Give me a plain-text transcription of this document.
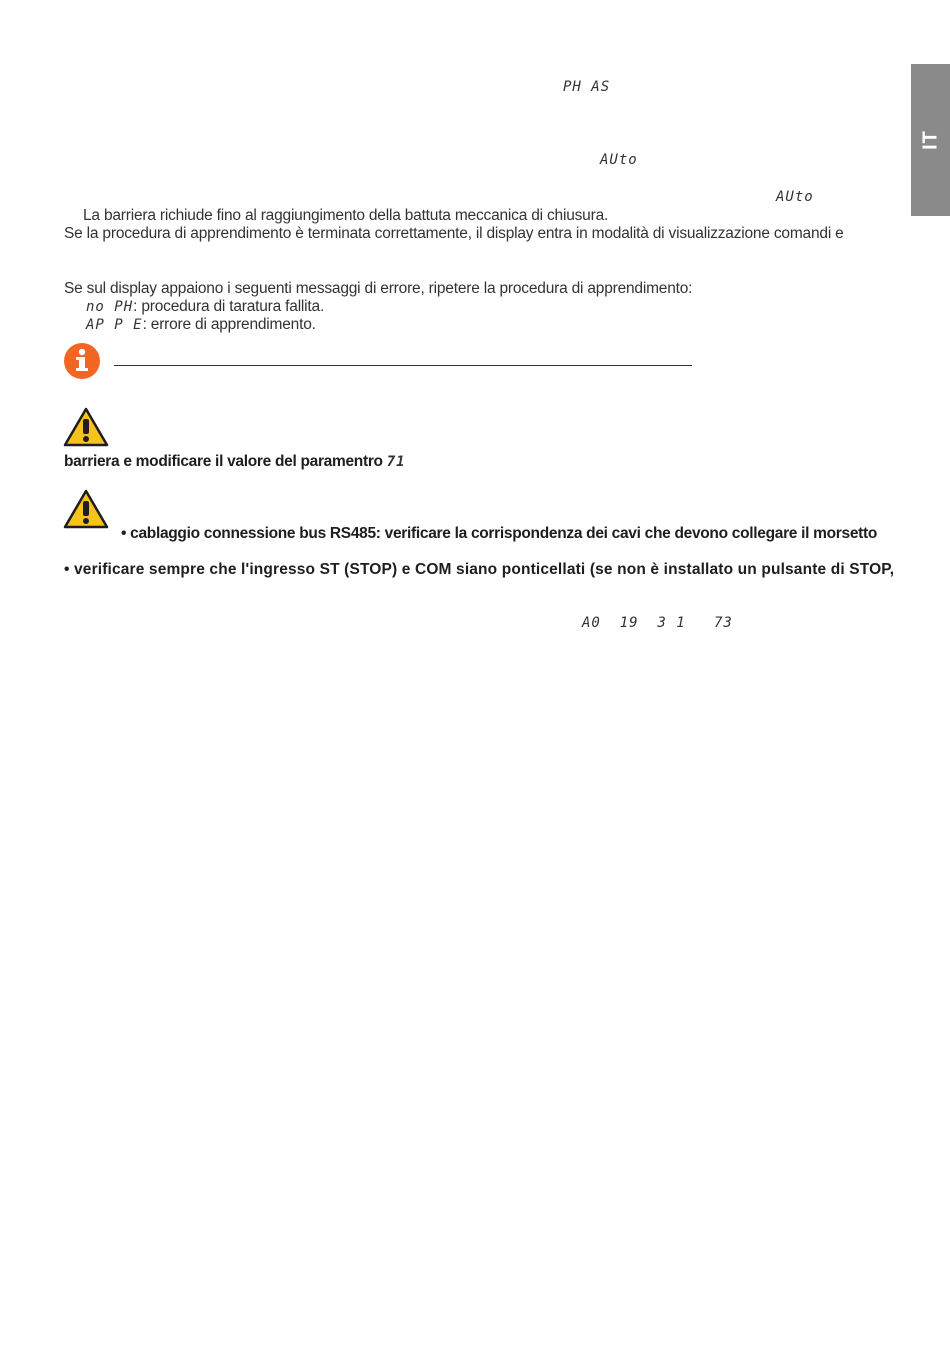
IT
PH AS
AUto
AUto
La barriera richiude fino al raggiungimento della battuta meccanica di chiusura.
Se la procedura di apprendimento è terminata correttamente, il display entra in modalità di visualizzazione comandi e
Se sul display appaiono i seguenti messaggi di errore, ripetere la procedura di apprendimento:
no PH: procedura di taratura fallita.
AP P E: errore di apprendimento.
barriera e modificare il valore del paramentro 71
• cablaggio connessione bus RS485: verificare la corrispondenza dei cavi che devono collegare il morsetto
• verificare sempre che l'ingresso ST (STOP) e COM siano ponticellati (se non è installato un pulsante di STOP,
A0  19  3 1   73
